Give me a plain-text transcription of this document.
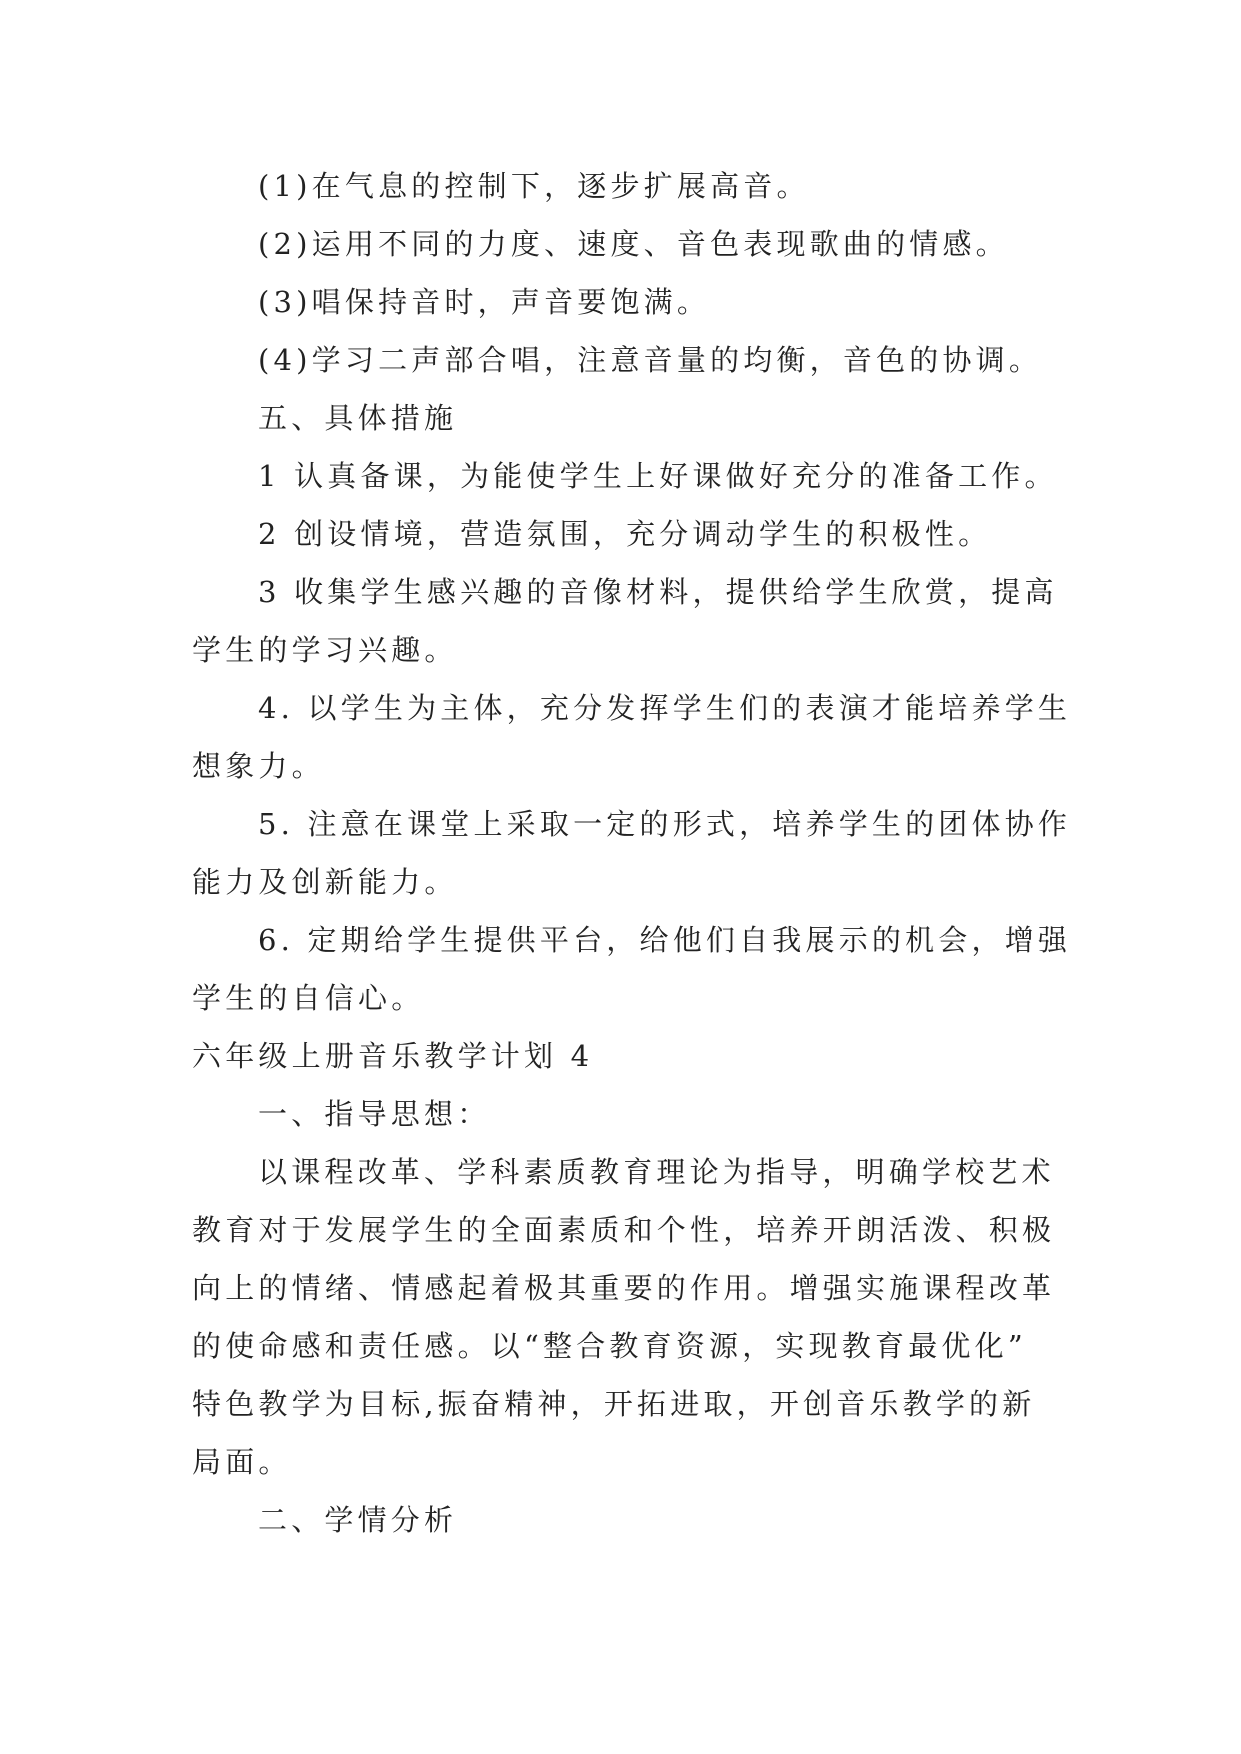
(1)在气息的控制下，逐步扩展高音。

(2)运用不同的力度、速度、音色表现歌曲的情感。

(3)唱保持音时，声音要饱满。

(4)学习二声部合唱，注意音量的均衡，音色的协调。

五、具体措施

1 认真备课，为能使学生上好课做好充分的准备工作。

2 创设情境，营造氛围，充分调动学生的积极性。

3 收集学生感兴趣的音像材料，提供给学生欣赏，提高

学生的学习兴趣。

4. 以学生为主体，充分发挥学生们的表演才能培养学生

想象力。

5. 注意在课堂上采取一定的形式，培养学生的团体协作

能力及创新能力。

6. 定期给学生提供平台，给他们自我展示的机会，增强

学生的自信心。

六年级上册音乐教学计划 4

一、指导思想：

以课程改革、学科素质教育理论为指导，明确学校艺术

教育对于发展学生的全面素质和个性，培养开朗活泼、积极

向上的情绪、情感起着极其重要的作用。增强实施课程改革

的使命感和责任感。以“整合教育资源，实现教育最优化”

特色教学为目标,振奋精神，开拓进取，开创音乐教学的新

局面。

二、学情分析
